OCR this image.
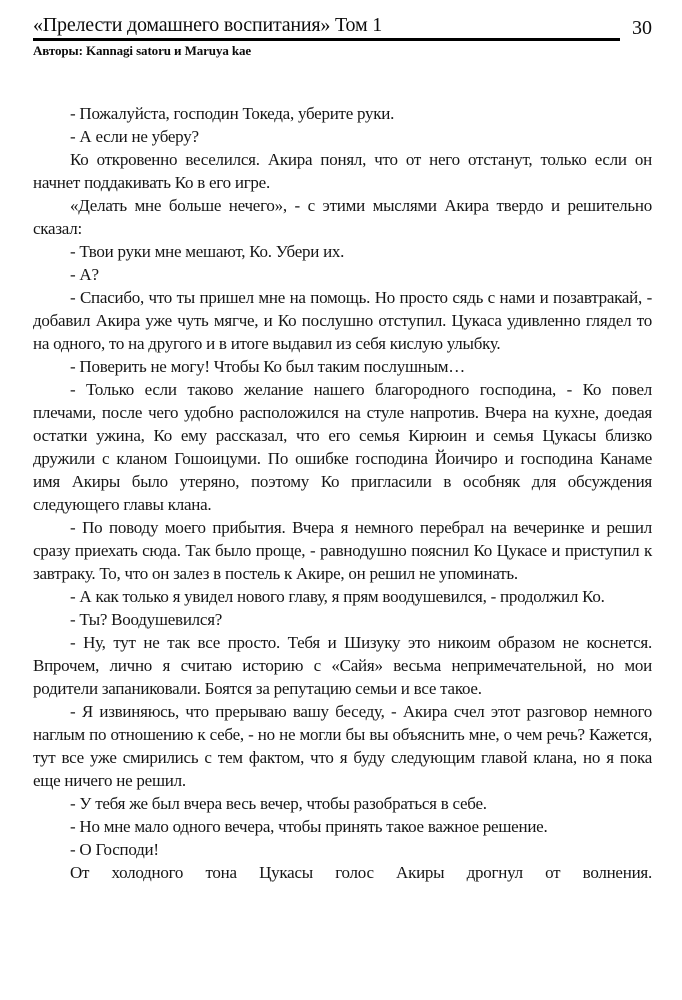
«Прелести домашнего воспитания» Том 1	30
Авторы: Kannagi satoru и Maruya kae

- Пожалуйста, господин Токеда, уберите руки.

- А если не уберу?

Ко откровенно веселился. Акира понял, что от него отстанут, только если он начнет поддакивать Ко в его игре.

«Делать мне больше нечего», - с этими мыслями Акира твердо и решительно сказал:

- Твои руки мне мешают, Ко. Убери их.

- А?

- Спасибо, что ты пришел мне на помощь. Но просто сядь с нами и позавтракай, - добавил Акира уже чуть мягче, и Ко послушно отступил. Цукаса удивленно глядел то на одного, то на другого и в итоге выдавил из себя кислую улыбку.

- Поверить не могу! Чтобы Ко был таким послушным…

- Только если таково желание нашего благородного господина, - Ко повел плечами, после чего удобно расположился на стуле напротив. Вчера на кухне, доедая остатки ужина, Ко ему рассказал, что его семья Кирюин и семья Цукасы близко дружили с кланом Гошоицуми. По ошибке господина Йоичиро и господина Канаме имя Акиры было утеряно, поэтому Ко пригласили в особняк для обсуждения следующего главы клана.

- По поводу моего прибытия. Вчера я немного перебрал на вечеринке и решил сразу приехать сюда. Так было проще, - равнодушно пояснил Ко Цукасе и приступил к завтраку. То, что он залез в постель к Акире, он решил не упоминать.

- А как только я увидел нового главу, я прям воодушевился, - продолжил Ко.

- Ты? Воодушевился?

- Ну, тут не так все просто. Тебя и Шизуку это никоим образом не коснется. Впрочем, лично я считаю историю с «Сайя» весьма непримечательной, но мои родители запаниковали. Боятся за репутацию семьи и все такое.

- Я извиняюсь, что прерываю вашу беседу, - Акира счел этот разговор немного наглым по отношению к себе, - но не могли бы вы объяснить мне, о чем речь? Кажется, тут все уже смирились с тем фактом, что я буду следующим главой клана, но я пока еще ничего не решил.

- У тебя же был вчера весь вечер, чтобы разобраться в себе.

- Но мне мало одного вечера, чтобы принять такое важное решение.

- О Господи!

От холодного тона Цукасы голос Акиры дрогнул от волнения.
